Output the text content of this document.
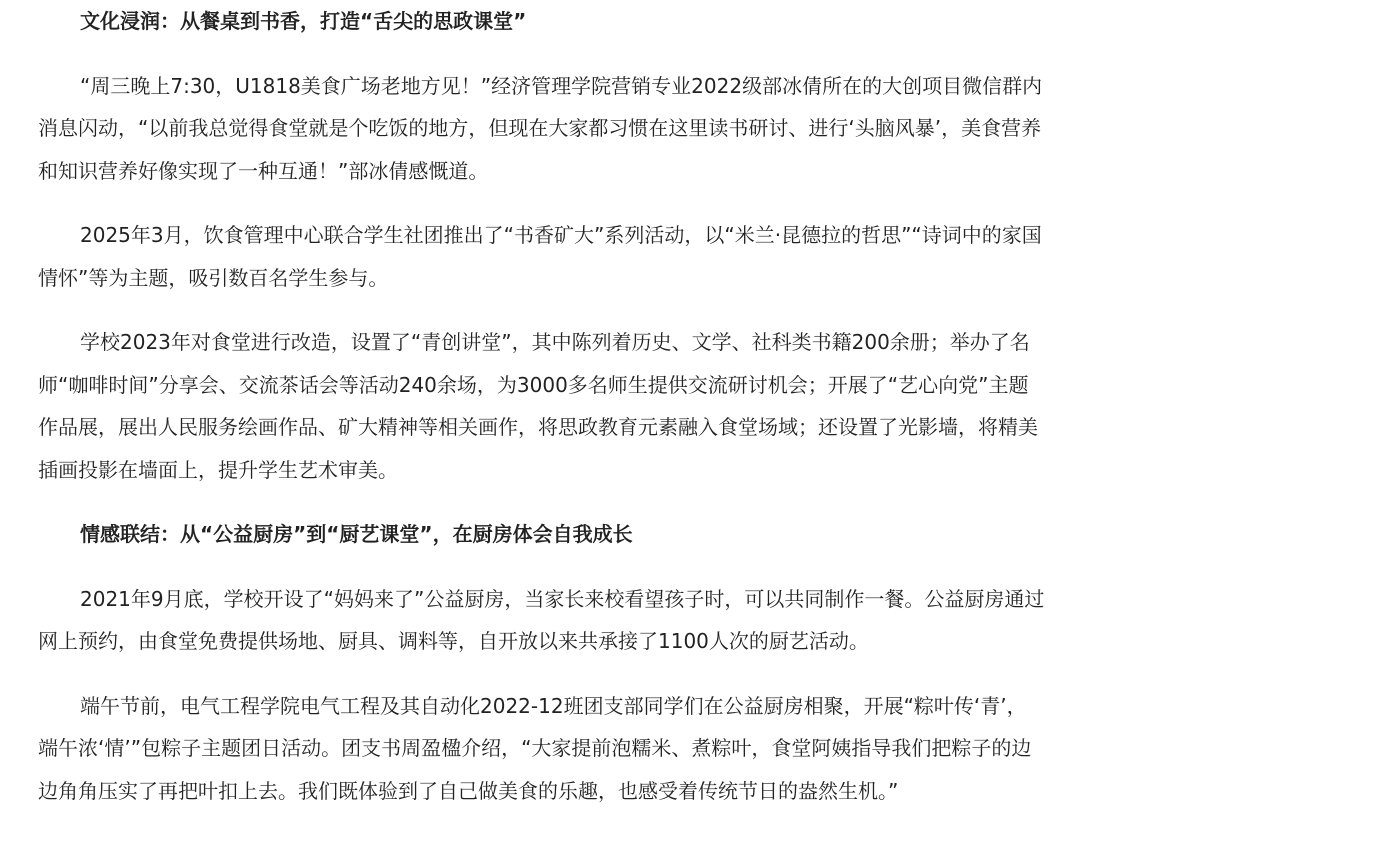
文化浸润：从餐桌到书香，打造“舌尖的思政课堂”

“周三晚上7:30，U1818美食广场老地方见！”经济管理学院营销专业2022级部冰倩所在的大创项目微信群内消息闪动，“以前我总觉得食堂就是个吃饭的地方，但现在大家都习惯在这里读书研讨、进行‘头脑风暴’，美食营养和知识营养好像实现了一种互通！”部冰倩感慨道。

2025年3月，饮食管理中心联合学生社团推出了“书香矿大”系列活动，以“米兰·昆德拉的哲思”“诗词中的家国情怀”等为主题，吸引数百名学生参与。

学校2023年对食堂进行改造，设置了“青创讲堂”，其中陈列着历史、文学、社科类书籍200余册；举办了名师“咖啡时间”分享会、交流茶话会等活动240余场，为3000多名师生提供交流研讨机会；开展了“艺心向党”主题作品展，展出人民服务绘画作品、矿大精神等相关画作，将思政教育元素融入食堂场域；还设置了光影墙，将精美插画投影在墙面上，提升学生艺术审美。

情感联结：从“公益厨房”到“厨艺课堂”，在厨房体会自我成长

2021年9月底，学校开设了“妈妈来了”公益厨房，当家长来校看望孩子时，可以共同制作一餐。公益厨房通过网上预约，由食堂免费提供场地、厨具、调料等，自开放以来共承接了1100人次的厨艺活动。

端午节前，电气工程学院电气工程及其自动化2022-12班团支部同学们在公益厨房相聚，开展“粽叶传‘青’，端午浓‘情’”包粽子主题团日活动。团支书周盈楹介绍，“大家提前泡糯米、煮粽叶，食堂阿姨指导我们把粽子的边边角角压实了再把叶扣上去。我们既体验到了自己做美食的乐趣，也感受着传统节日的盎然生机。”
